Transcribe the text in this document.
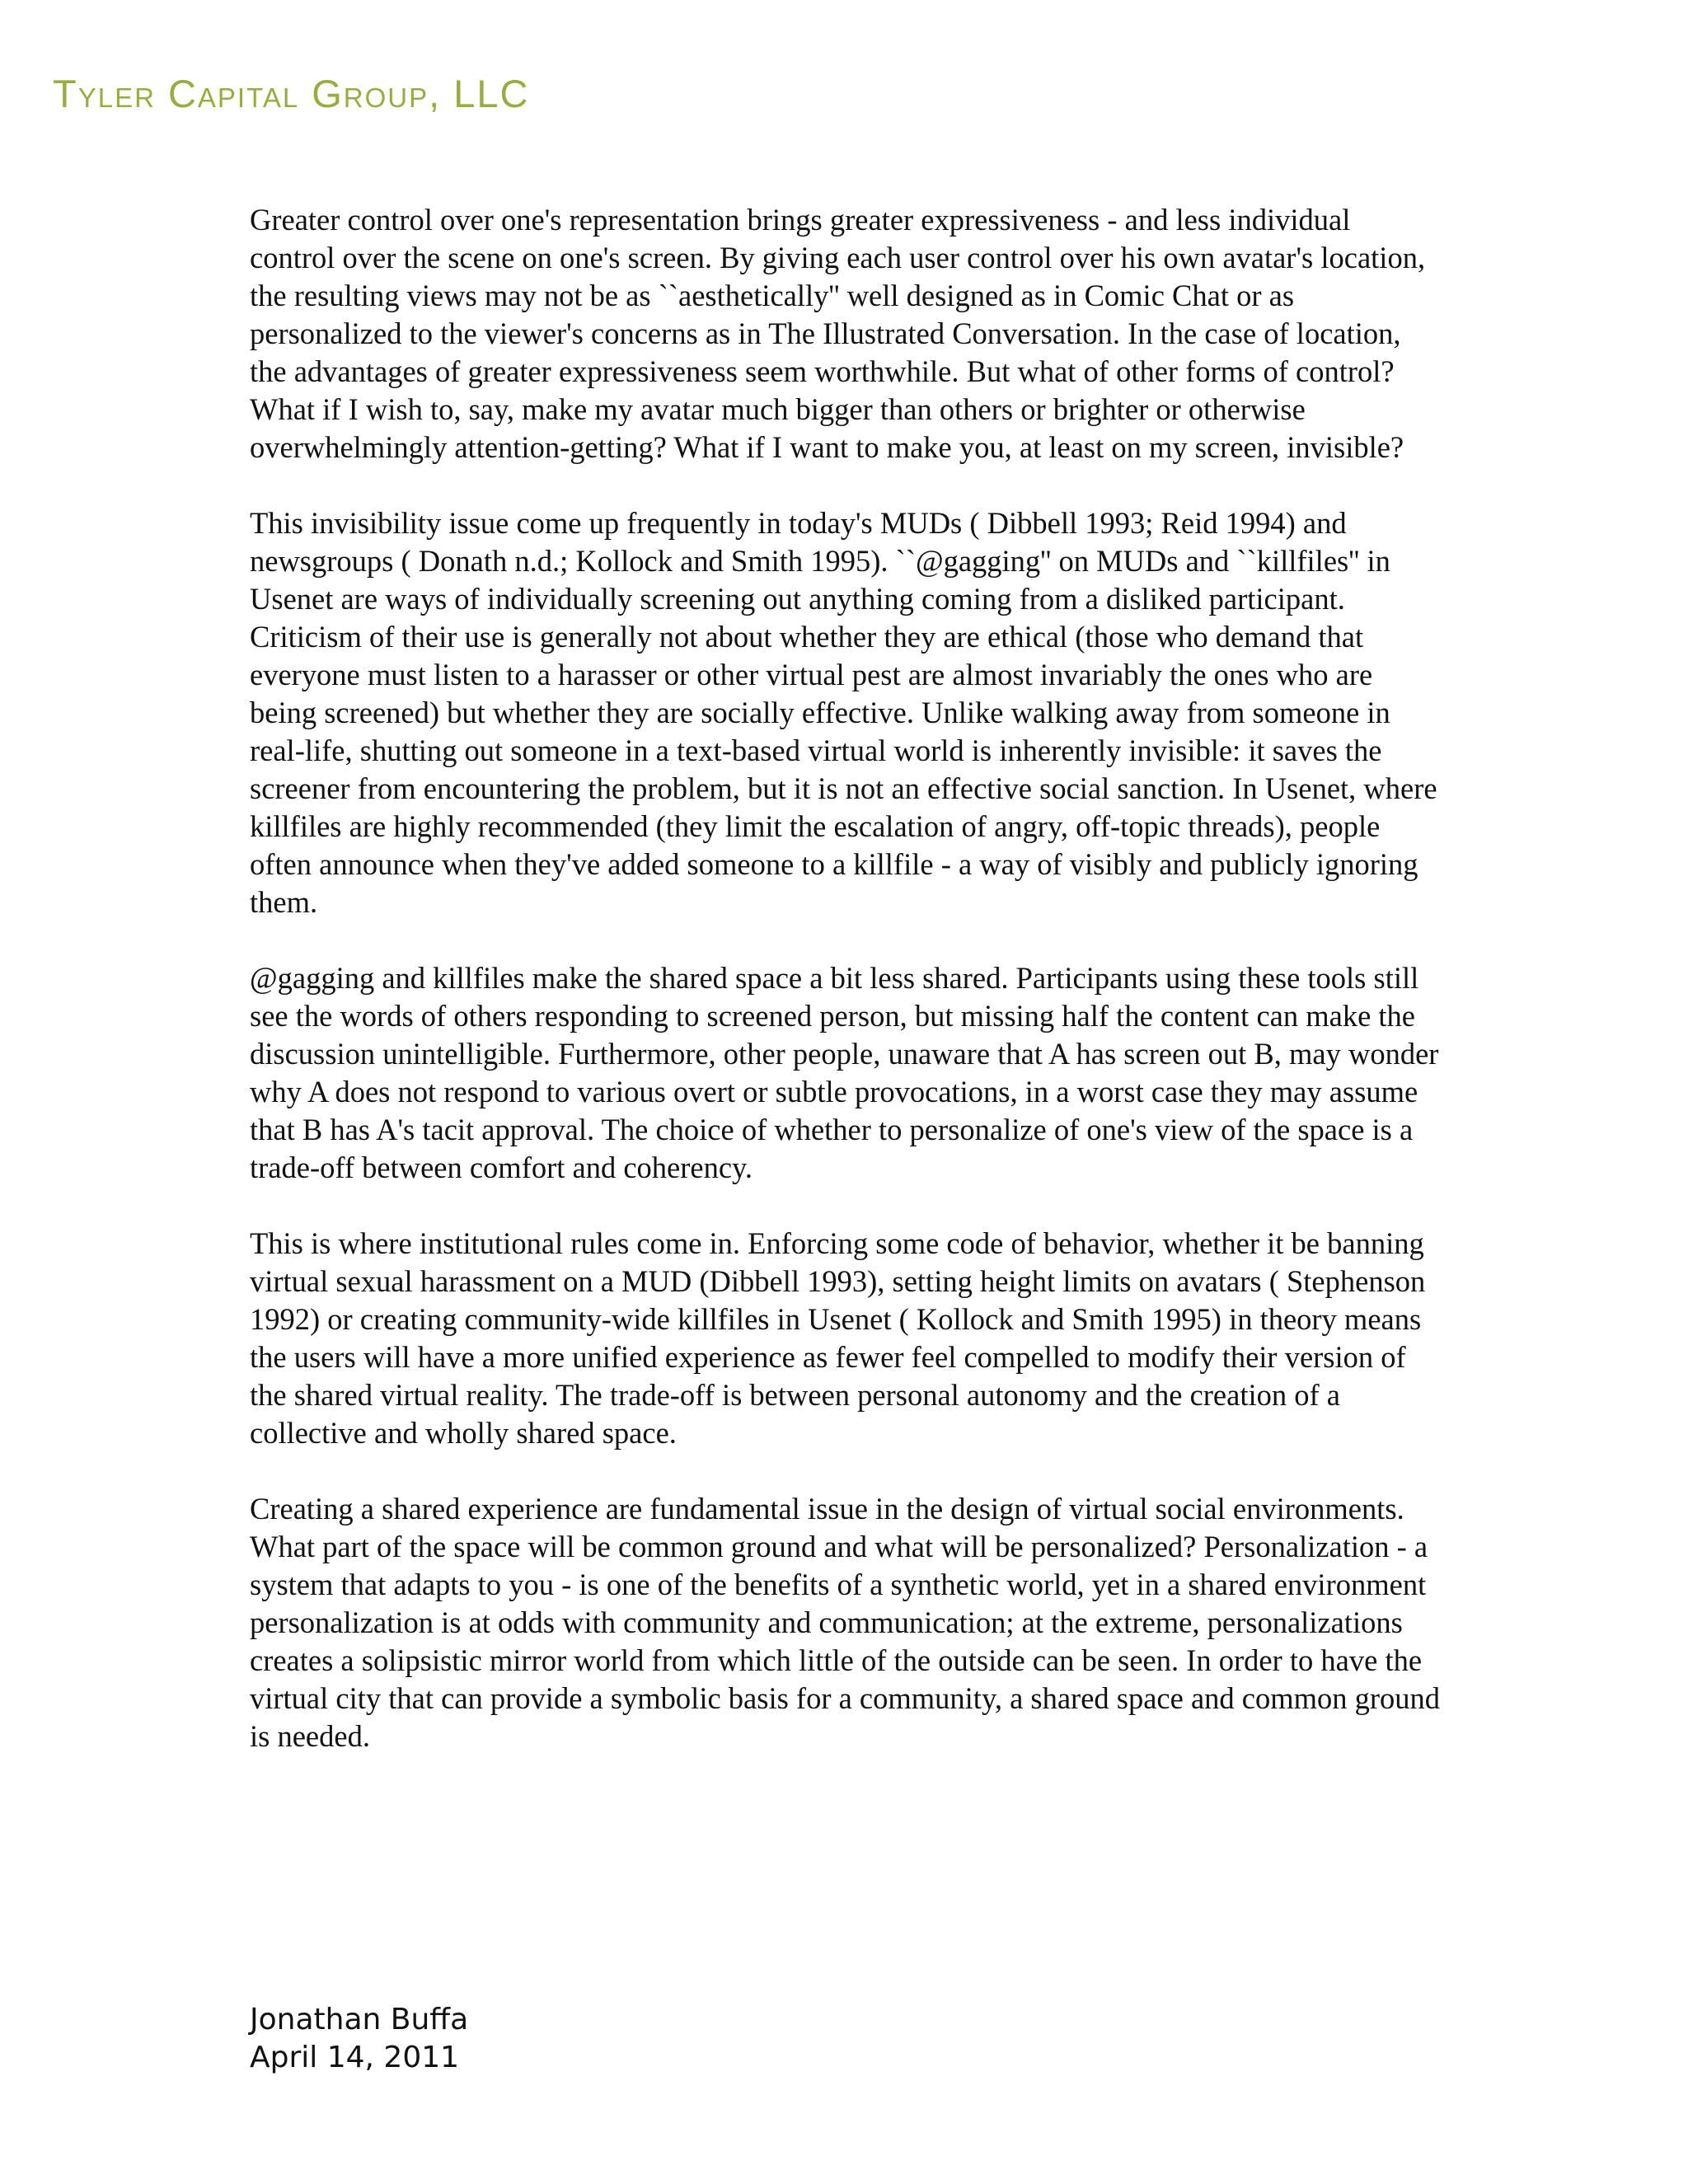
Tyler Capital Group, LLC

Greater control over one's representation brings greater expressiveness - and less individual control over the scene on one's screen. By giving each user control over his own avatar's location, the resulting views may not be as ``aesthetically'' well designed as in Comic Chat or as personalized to the viewer's concerns as in The Illustrated Conversation. In the case of location, the advantages of greater expressiveness seem worthwhile. But what of other forms of control? What if I wish to, say, make my avatar much bigger than others or brighter or otherwise overwhelmingly attention-getting? What if I want to make you, at least on my screen, invisible?

This invisibility issue come up frequently in today's MUDs ( Dibbell 1993; Reid 1994) and newsgroups ( Donath n.d.; Kollock and Smith 1995). ``@gagging'' on MUDs and ``killfiles'' in Usenet are ways of individually screening out anything coming from a disliked participant. Criticism of their use is generally not about whether they are ethical (those who demand that everyone must listen to a harasser or other virtual pest are almost invariably the ones who are being screened) but whether they are socially effective. Unlike walking away from someone in real-life, shutting out someone in a text-based virtual world is inherently invisible: it saves the screener from encountering the problem, but it is not an effective social sanction. In Usenet, where killfiles are highly recommended (they limit the escalation of angry, off-topic threads), people often announce when they've added someone to a killfile - a way of visibly and publicly ignoring them.

@gagging and killfiles make the shared space a bit less shared. Participants using these tools still see the words of others responding to screened person, but missing half the content can make the discussion unintelligible. Furthermore, other people, unaware that A has screen out B, may wonder why A does not respond to various overt or subtle provocations, in a worst case they may assume that B has A's tacit approval. The choice of whether to personalize of one's view of the space is a trade-off between comfort and coherency.

This is where institutional rules come in. Enforcing some code of behavior, whether it be banning virtual sexual harassment on a MUD (Dibbell 1993), setting height limits on avatars ( Stephenson 1992) or creating community-wide killfiles in Usenet ( Kollock and Smith 1995) in theory means the users will have a more unified experience as fewer feel compelled to modify their version of the shared virtual reality. The trade-off is between personal autonomy and the creation of a collective and wholly shared space.

Creating a shared experience are fundamental issue in the design of virtual social environments. What part of the space will be common ground and what will be personalized? Personalization - a system that adapts to you - is one of the benefits of a synthetic world, yet in a shared environment personalization is at odds with community and communication; at the extreme, personalizations creates a solipsistic mirror world from which little of the outside can be seen. In order to have the virtual city that can provide a symbolic basis for a community, a shared space and common ground is needed.

Jonathan Buffa
April 14, 2011
